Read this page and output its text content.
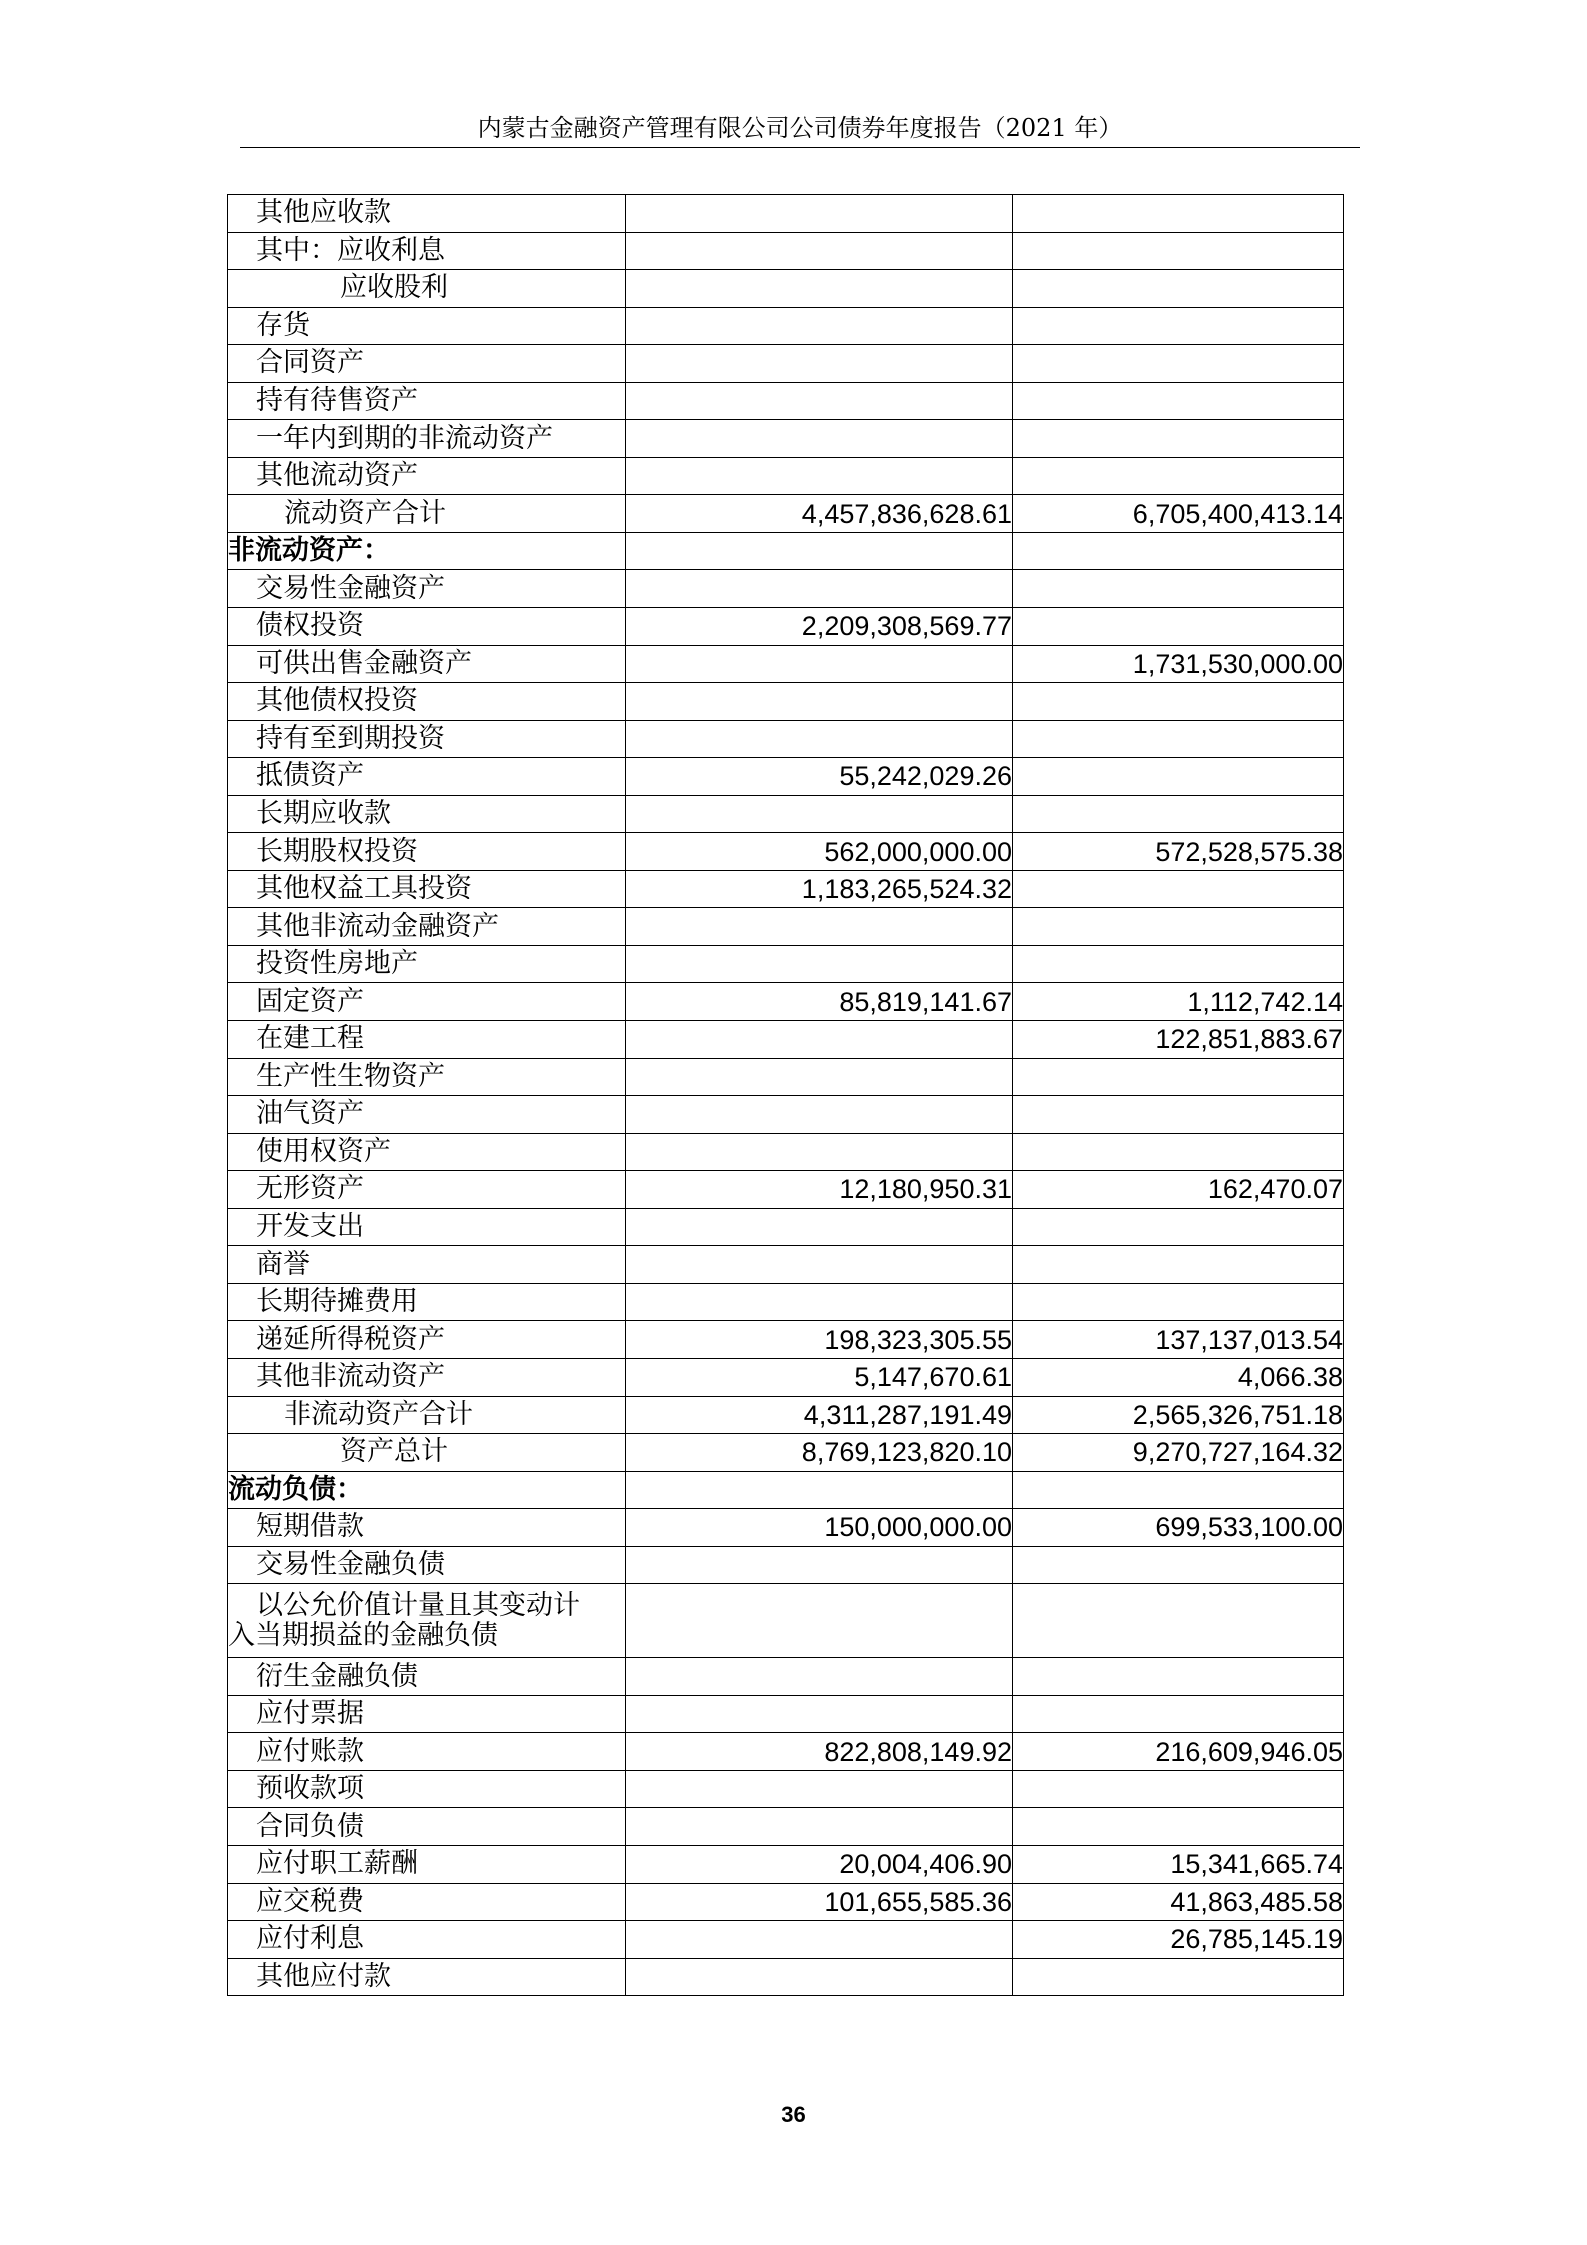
内蒙古金融资产管理有限公司公司债券年度报告（2021 年）
其他应收款		
其中：应收利息		
应收股利		
存货		
合同资产		
持有待售资产		
一年内到期的非流动资产		
其他流动资产		
流动资产合计	4,457,836,628.61	6,705,400,413.14
非流动资产：		
交易性金融资产		
债权投资	2,209,308,569.77	
可供出售金融资产		1,731,530,000.00
其他债权投资		
持有至到期投资		
抵债资产	55,242,029.26	
长期应收款		
长期股权投资	562,000,000.00	572,528,575.38
其他权益工具投资	1,183,265,524.32	
其他非流动金融资产		
投资性房地产		
固定资产	85,819,141.67	1,112,742.14
在建工程		122,851,883.67
生产性生物资产		
油气资产		
使用权资产		
无形资产	12,180,950.31	162,470.07
开发支出		
商誉		
长期待摊费用		
递延所得税资产	198,323,305.55	137,137,013.54
其他非流动资产	5,147,670.61	4,066.38
非流动资产合计	4,311,287,191.49	2,565,326,751.18
资产总计	8,769,123,820.10	9,270,727,164.32
流动负债：		
短期借款	150,000,000.00	699,533,100.00
交易性金融负债		

以公允价值计量且其变动计
入当期损益的金融负债		

衍生金融负债		
应付票据		
应付账款	822,808,149.92	216,609,946.05
预收款项		
合同负债		
应付职工薪酬	20,004,406.90	15,341,665.74
应交税费	101,655,585.36	41,863,485.58
应付利息		26,785,145.19
其他应付款		
36
